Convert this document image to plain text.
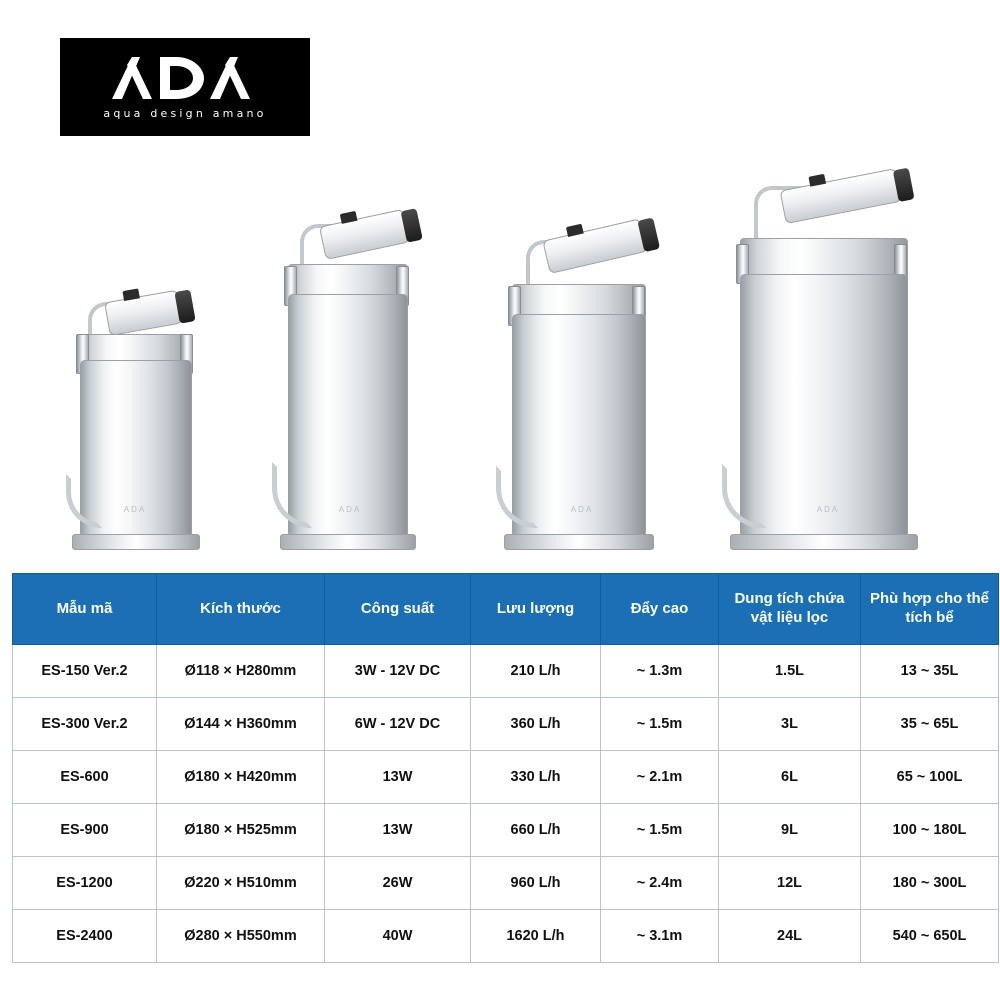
aqua design amano
ADA	ADA	ADA	ADA
Mẫu mã	Kích thước	Công suất	Lưu lượng	Đẩy cao	Dung tích chứa vật liệu lọc	Phù hợp cho thể tích bể
ES-150 Ver.2	Ø118 × H280mm	3W - 12V DC	210 L/h	~ 1.3m	1.5L	13 ~ 35L
ES-300 Ver.2	Ø144 × H360mm	6W - 12V DC	360 L/h	~ 1.5m	3L	35 ~ 65L
ES-600	Ø180 × H420mm	13W	330 L/h	~ 2.1m	6L	65 ~ 100L
ES-900	Ø180 × H525mm	13W	660 L/h	~ 1.5m	9L	100 ~ 180L
ES-1200	Ø220 × H510mm	26W	960 L/h	~ 2.4m	12L	180 ~ 300L
ES-2400	Ø280 × H550mm	40W	1620 L/h	~ 3.1m	24L	540 ~ 650L
